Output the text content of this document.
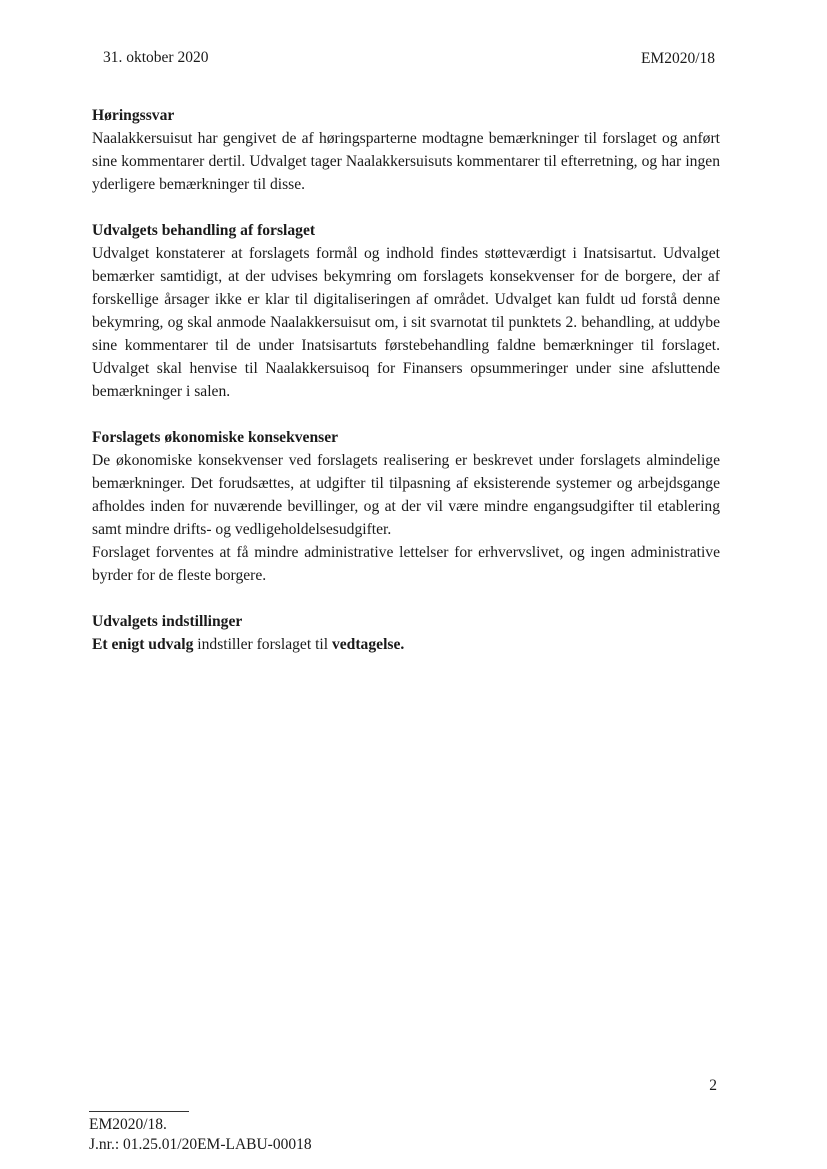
31. oktober 2020	EM2020/18

Høringssvar

Naalakkersuisut har gengivet de af høringsparterne modtagne bemærkninger til forslaget og anført sine kommentarer dertil. Udvalget tager Naalakkersuisuts kommentarer til efterretning, og har ingen yderligere bemærkninger til disse.

Udvalgets behandling af forslaget

Udvalget konstaterer at forslagets formål og indhold findes støtteværdigt i Inatsisartut. Udvalget bemærker samtidigt, at der udvises bekymring om forslagets konsekvenser for de borgere, der af forskellige årsager ikke er klar til digitaliseringen af området. Udvalget kan fuldt ud forstå denne bekymring, og skal anmode Naalakkersuisut om, i sit svarnotat til punktets 2. behandling, at uddybe sine kommentarer til de under Inatsisartuts førstebehandling faldne bemærkninger til forslaget. Udvalget skal henvise til Naalakkersuisoq for Finansers opsummeringer under sine afsluttende bemærkninger i salen.

Forslagets økonomiske konsekvenser

De økonomiske konsekvenser ved forslagets realisering er beskrevet under forslagets almindelige bemærkninger. Det forudsættes, at udgifter til tilpasning af eksisterende systemer og arbejdsgange afholdes inden for nuværende bevillinger, og at der vil være mindre engangsudgifter til etablering samt mindre drifts- og vedligeholdelsesudgifter.

Forslaget forventes at få mindre administrative lettelser for erhvervslivet, og ingen administrative byrder for de fleste borgere.

Udvalgets indstillinger

Et enigt udvalg indstiller forslaget til vedtagelse.

2
EM2020/18.
J.nr.: 01.25.01/20EM-LABU-00018
